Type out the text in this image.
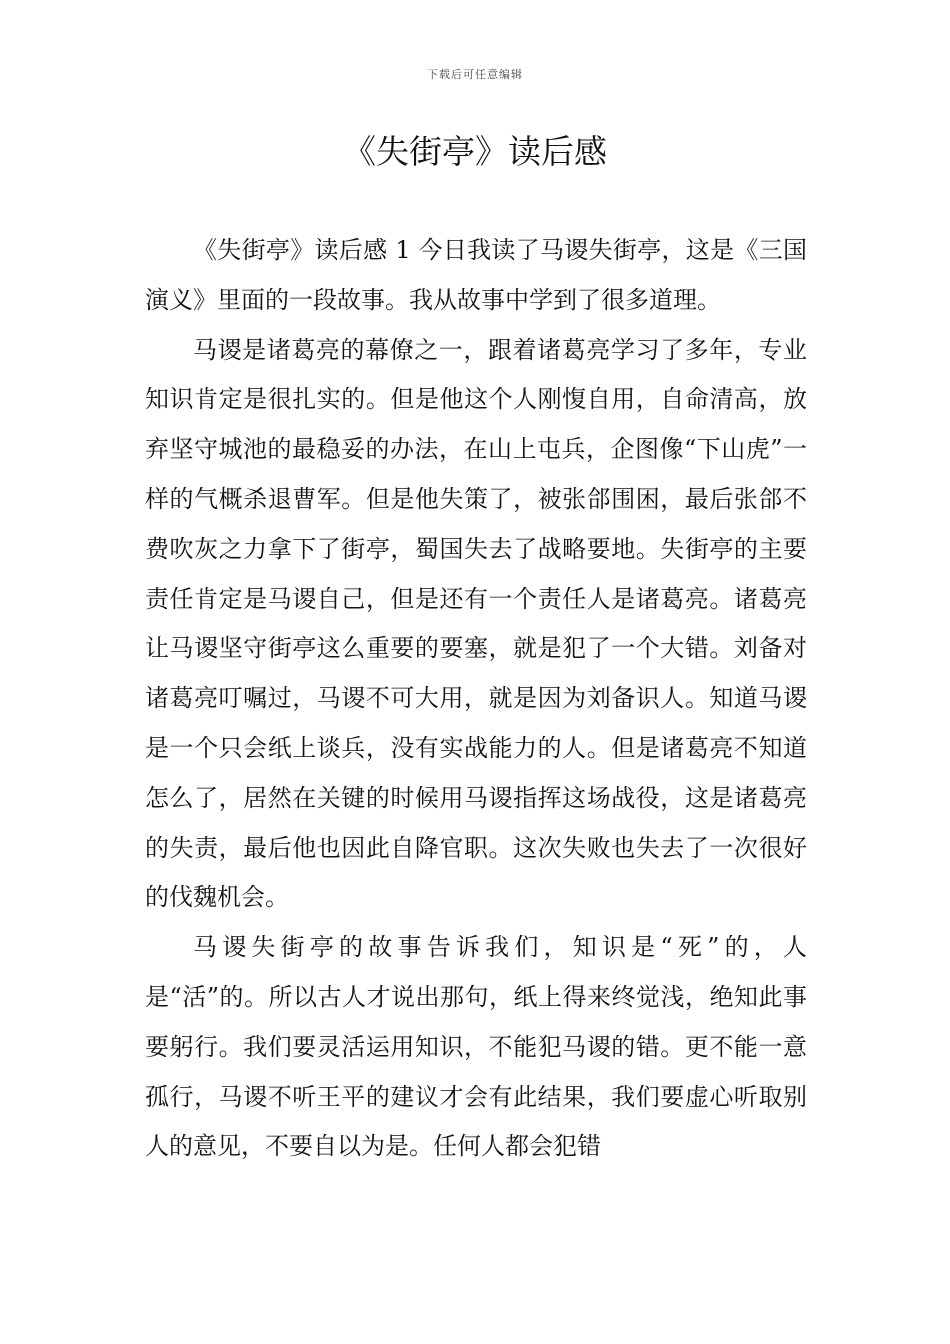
下载后可任意编辑
《失街亭》读后感

《失街亭》读后感 1 今日我读了马谡失街亭，这是《三国演义》里面的一段故事。我从故事中学到了很多道理。

马谡是诸葛亮的幕僚之一，跟着诸葛亮学习了多年，专业知识肯定是很扎实的。但是他这个人刚愎自用，自命清高，放弃坚守城池的最稳妥的办法，在山上屯兵，企图像“下山虎”一样的气概杀退曹军。但是他失策了，被张郃围困，最后张郃不费吹灰之力拿下了街亭，蜀国失去了战略要地。失街亭的主要责任肯定是马谡自己，但是还有一个责任人是诸葛亮。诸葛亮让马谡坚守街亭这么重要的要塞，就是犯了一个大错。刘备对诸葛亮叮嘱过，马谡不可大用，就是因为刘备识人。知道马谡是一个只会纸上谈兵，没有实战能力的人。但是诸葛亮不知道怎么了，居然在关键的时候用马谡指挥这场战役，这是诸葛亮的失责，最后他也因此自降官职。这次失败也失去了一次很好的伐魏机会。

马谡失街亭的故事告诉我们，知识是“死”的，人是“活”的。所以古人才说出那句，纸上得来终觉浅，绝知此事要躬行。我们要灵活运用知识，不能犯马谡的错。更不能一意孤行，马谡不听王平的建议才会有此结果，我们要虚心听取别人的意见，不要自以为是。任何人都会犯错
